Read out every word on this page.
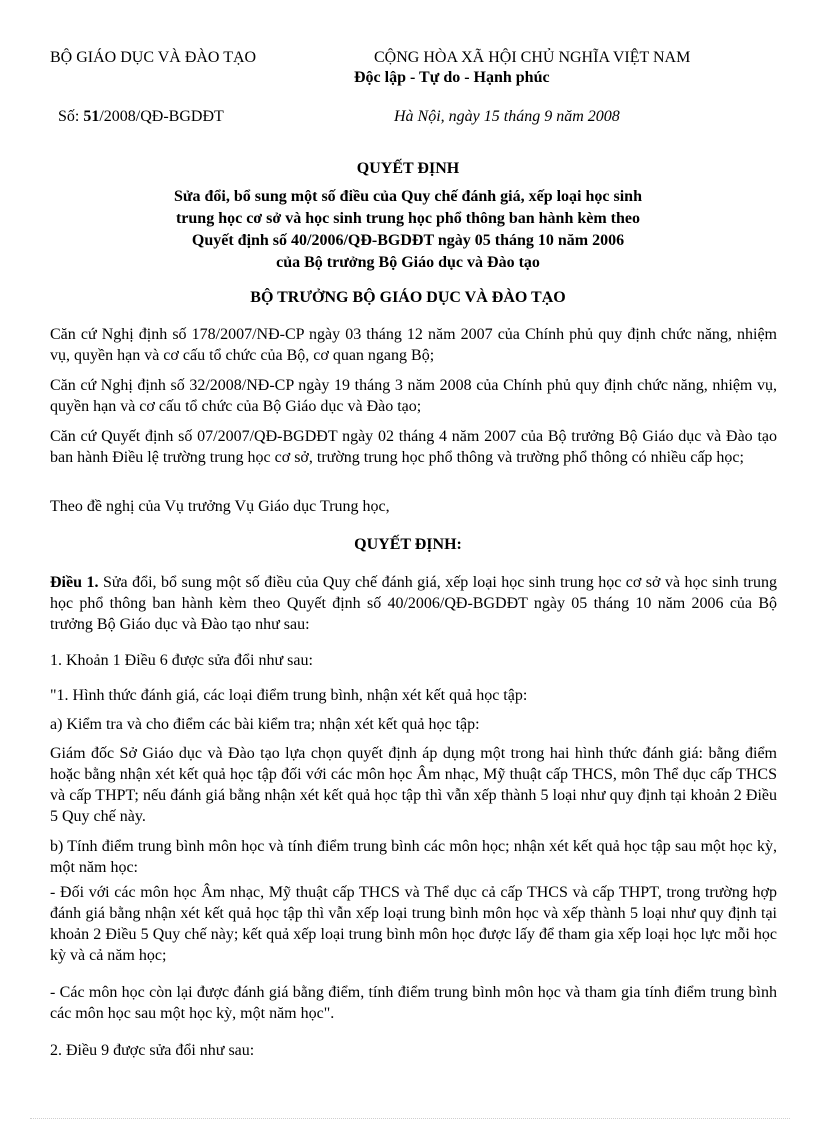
BỘ GIÁO DỤC VÀ ĐÀO TẠO	CỘNG HÒA XÃ HỘI CHỦ NGHĨA VIỆT NAM
Độc lập - Tự do - Hạnh phúc
Số: 51/2008/QĐ-BGDĐT	Hà Nội, ngày 15 tháng 9 năm 2008
QUYẾT ĐỊNH
Sửa đổi, bổ sung một số điều của Quy chế đánh giá, xếp loại học sinh
trung học cơ sở và học sinh trung học phổ thông ban hành kèm theo
Quyết định số 40/2006/QĐ-BGDĐT ngày 05 tháng 10 năm 2006
của Bộ trưởng Bộ Giáo dục và Đào tạo
BỘ TRƯỞNG BỘ GIÁO DỤC VÀ ĐÀO TẠO
Căn cứ Nghị định số 178/2007/NĐ-CP ngày 03 tháng 12 năm 2007 của Chính phủ quy định chức năng, nhiệm vụ, quyền hạn và cơ cấu tổ chức của Bộ, cơ quan ngang Bộ;
Căn cứ Nghị định số 32/2008/NĐ-CP ngày 19 tháng 3 năm 2008 của Chính phủ quy định chức năng, nhiệm vụ, quyền hạn và cơ cấu tổ chức của Bộ Giáo dục và Đào tạo;
Căn cứ Quyết định số 07/2007/QĐ-BGDĐT ngày 02 tháng 4 năm 2007 của Bộ trưởng Bộ Giáo dục và Đào tạo ban hành Điều lệ trường trung học cơ sở, trường trung học phổ thông và trường phổ thông có nhiều cấp học;
Theo đề nghị của Vụ trưởng Vụ Giáo dục Trung học,
QUYẾT ĐỊNH:
Điều 1. Sửa đổi, bổ sung một số điều của Quy chế đánh giá, xếp loại học sinh trung học cơ sở và học sinh trung học phổ thông ban hành kèm theo Quyết định số 40/2006/QĐ-BGDĐT ngày 05 tháng 10 năm 2006 của Bộ trưởng Bộ Giáo dục và Đào tạo như sau:
1. Khoản 1 Điều 6 được sửa đổi như sau:
"1. Hình thức đánh giá, các loại điểm trung bình, nhận xét kết quả học tập:
a) Kiểm tra và cho điểm các bài kiểm tra; nhận xét kết quả học tập:
Giám đốc Sở Giáo dục và Đào tạo lựa chọn quyết định áp dụng một trong hai hình thức đánh giá: bằng điểm hoặc bằng nhận xét kết quả học tập đối với các môn học Âm nhạc, Mỹ thuật cấp THCS, môn Thể dục cấp THCS và cấp THPT; nếu đánh giá bằng nhận xét kết quả học tập thì vẫn xếp thành 5 loại như quy định tại khoản 2 Điều 5 Quy chế này.
b) Tính điểm trung bình môn học và tính điểm trung bình các môn học; nhận xét kết quả học tập sau một học kỳ, một năm học:
- Đối với các môn học Âm nhạc, Mỹ thuật cấp THCS và Thể dục cả cấp THCS và cấp THPT, trong trường hợp đánh giá bằng nhận xét kết quả học tập thì vẫn xếp loại trung bình môn học và xếp thành 5 loại như quy định tại khoản 2 Điều 5 Quy chế này; kết quả xếp loại trung bình môn học được lấy để tham gia xếp loại học lực mỗi học kỳ và cả năm học;
- Các môn học còn lại được đánh giá bằng điểm, tính điểm trung bình môn học và tham gia tính điểm trung bình các môn học sau một học kỳ, một năm học".
2. Điều 9 được sửa đổi như sau:
